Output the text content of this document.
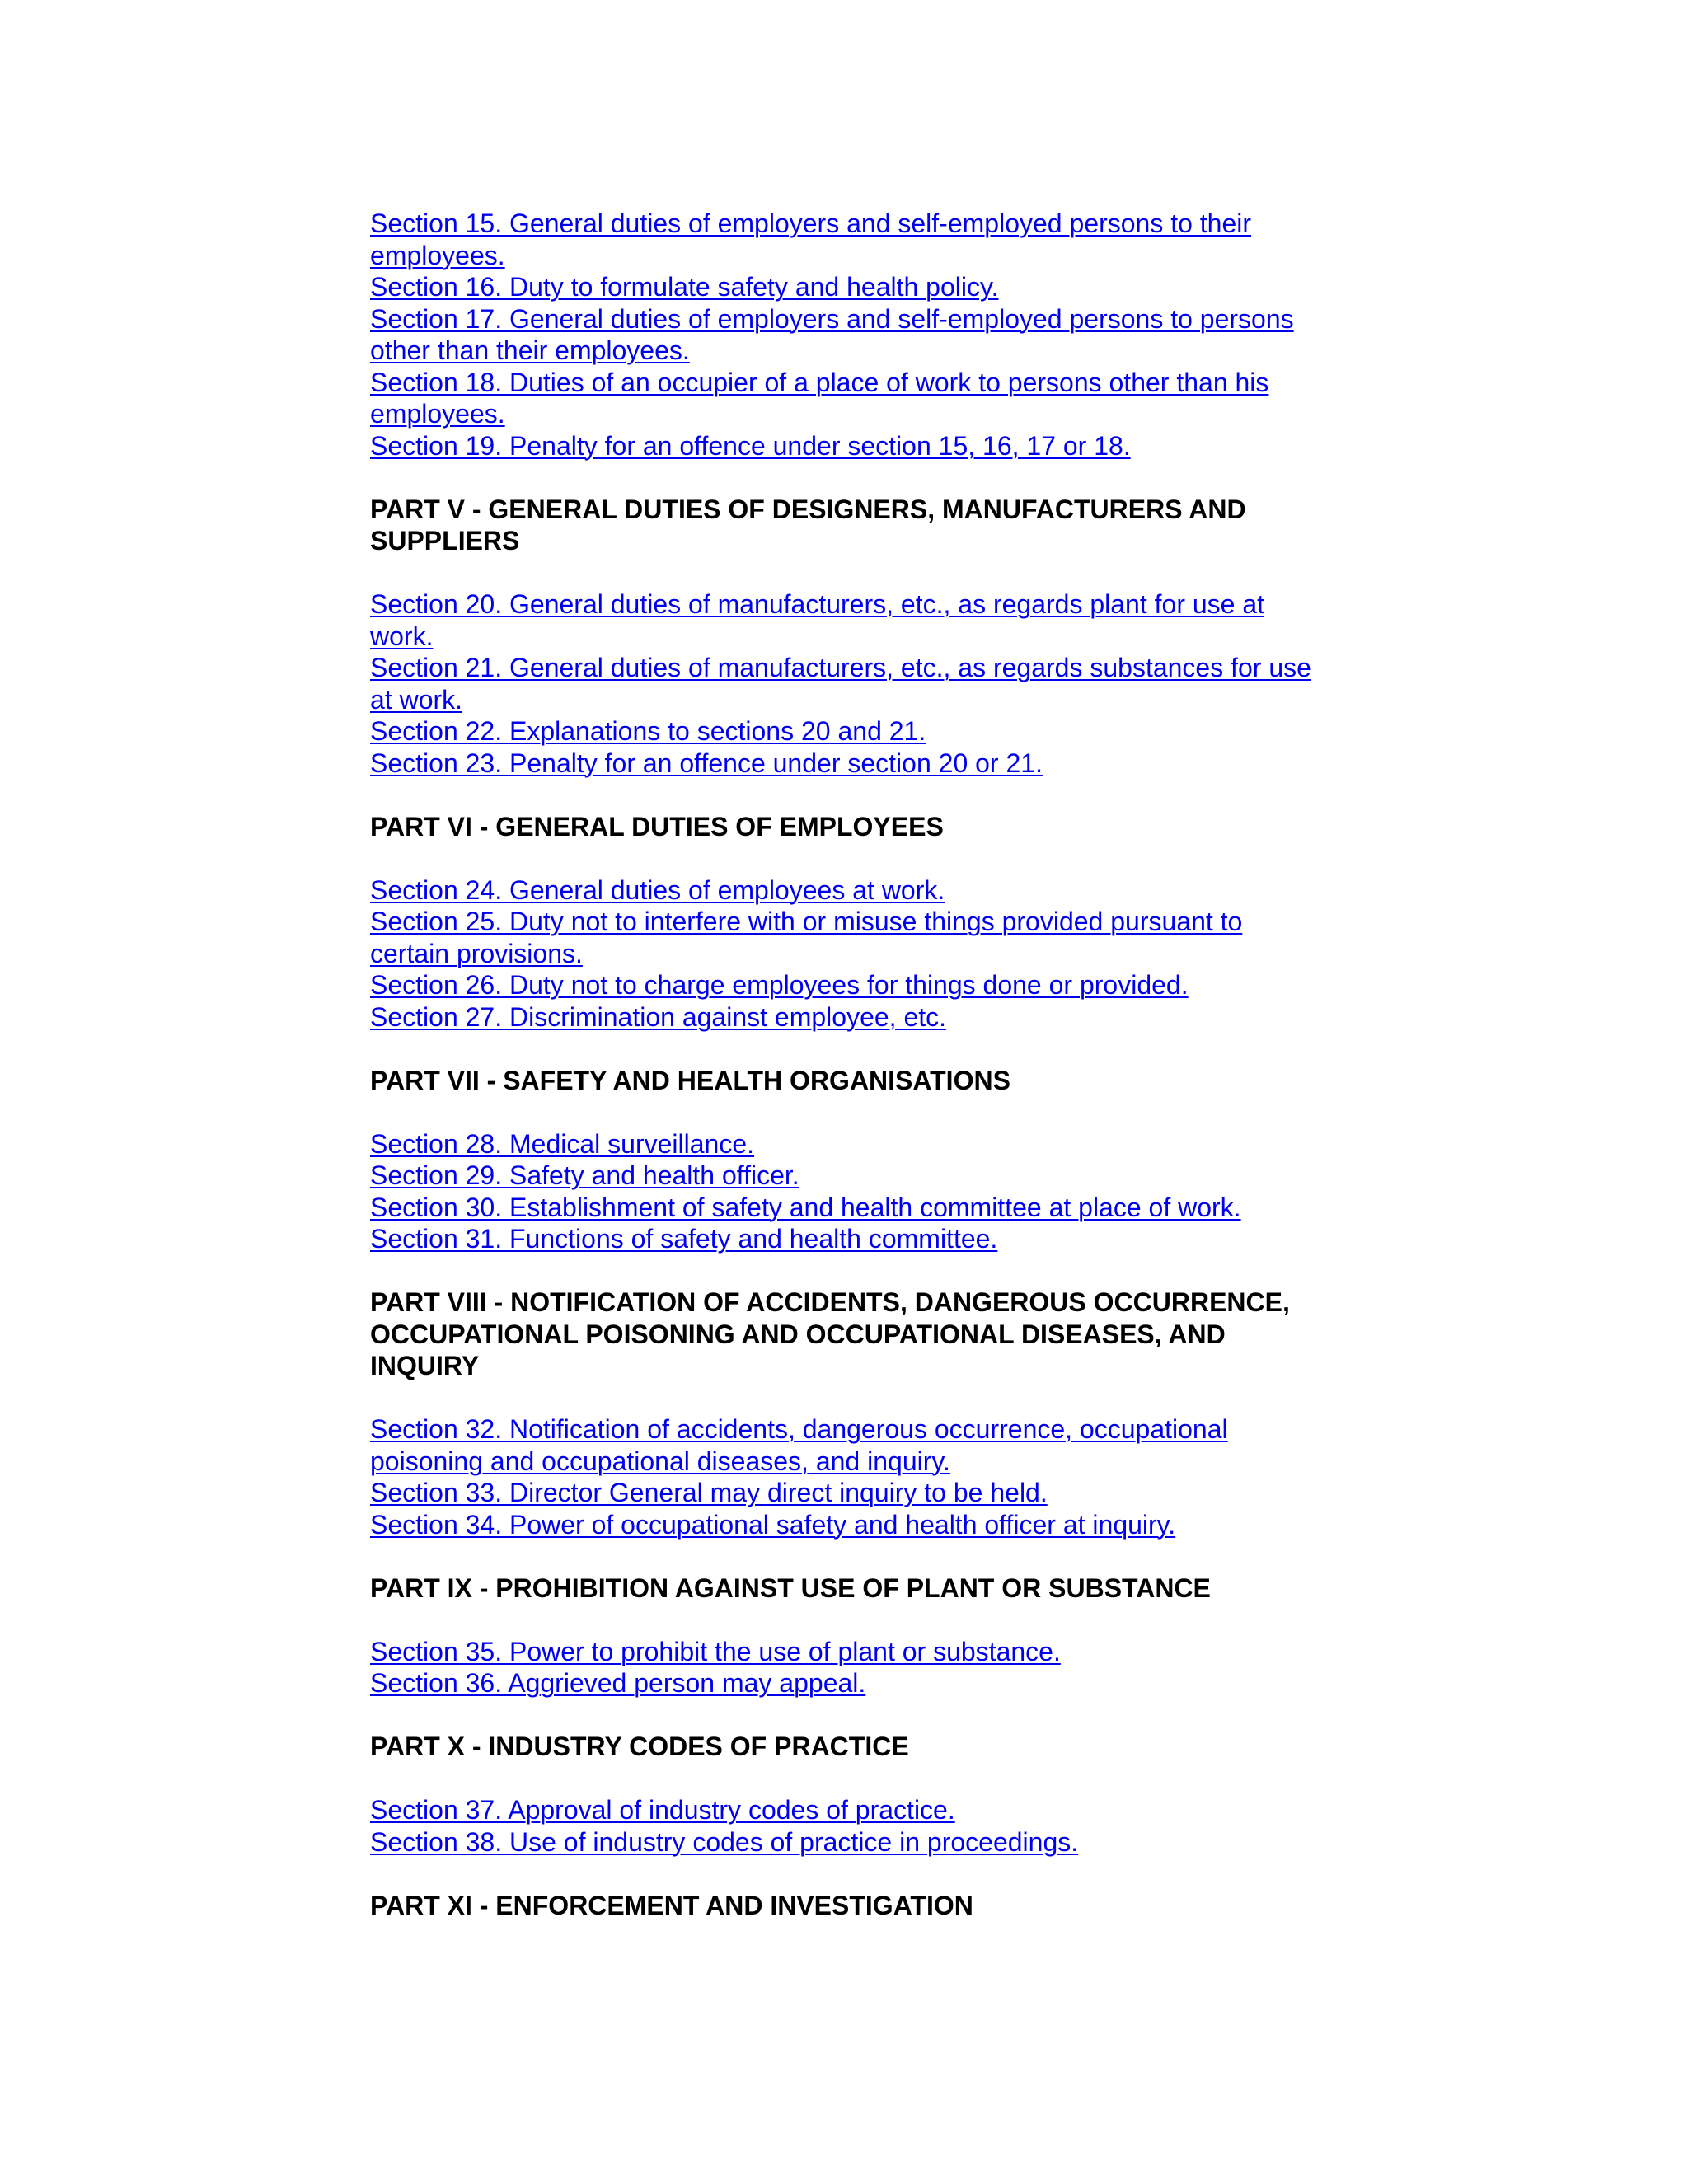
Section 15. General duties of employers and self-employed persons to their employees.
Section 16. Duty to formulate safety and health policy.
Section 17. General duties of employers and self-employed persons to persons other than their employees.
Section 18. Duties of an occupier of a place of work to persons other than his employees.
Section 19. Penalty for an offence under section 15, 16, 17 or 18.
PART V - GENERAL DUTIES OF DESIGNERS, MANUFACTURERS AND SUPPLIERS
Section 20. General duties of manufacturers, etc., as regards plant for use at work.
Section 21. General duties of manufacturers, etc., as regards substances for use at work.
Section 22. Explanations to sections 20 and 21.
Section 23. Penalty for an offence under section 20 or 21.
PART VI - GENERAL DUTIES OF EMPLOYEES
Section 24. General duties of employees at work.
Section 25. Duty not to interfere with or misuse things provided pursuant to certain provisions.
Section 26. Duty not to charge employees for things done or provided.
Section 27. Discrimination against employee, etc.
PART VII - SAFETY AND HEALTH ORGANISATIONS
Section 28. Medical surveillance.
Section 29. Safety and health officer.
Section 30. Establishment of safety and health committee at place of work.
Section 31. Functions of safety and health committee.
PART VIII - NOTIFICATION OF ACCIDENTS, DANGEROUS OCCURRENCE, OCCUPATIONAL POISONING AND OCCUPATIONAL DISEASES, AND INQUIRY
Section 32. Notification of accidents, dangerous occurrence, occupational poisoning and occupational diseases, and inquiry.
Section 33. Director General may direct inquiry to be held.
Section 34. Power of occupational safety and health officer at inquiry.
PART IX - PROHIBITION AGAINST USE OF PLANT OR SUBSTANCE
Section 35. Power to prohibit the use of plant or substance.
Section 36. Aggrieved person may appeal.
PART X - INDUSTRY CODES OF PRACTICE
Section 37. Approval of industry codes of practice.
Section 38. Use of industry codes of practice in proceedings.
PART XI - ENFORCEMENT AND INVESTIGATION
